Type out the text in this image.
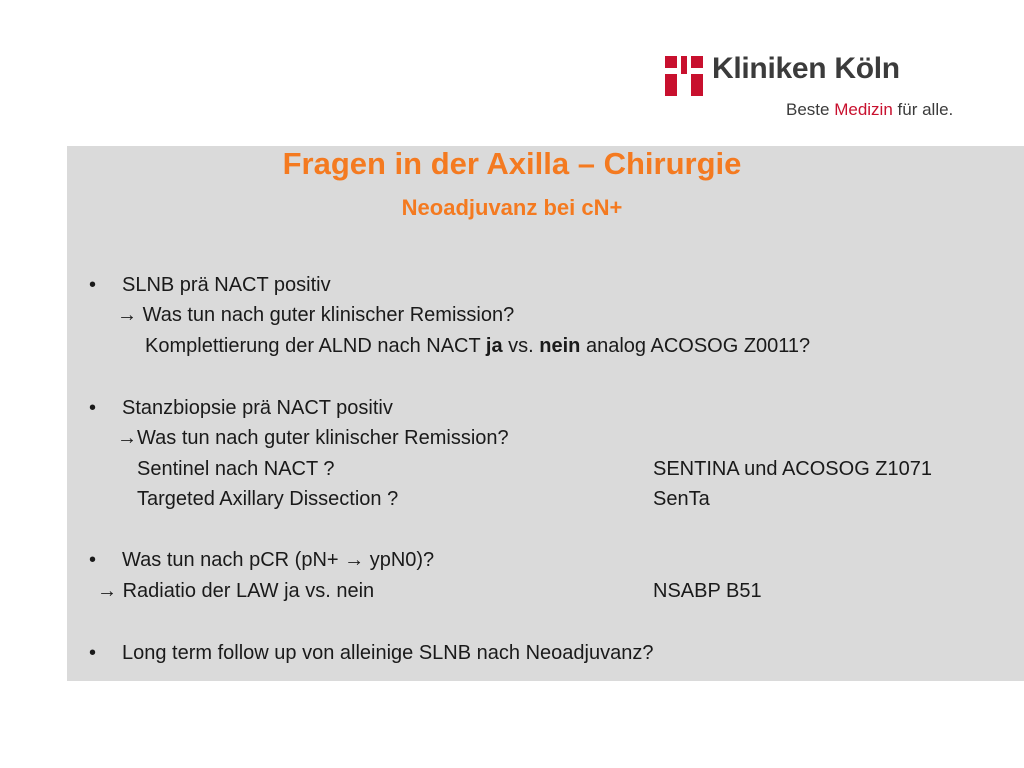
Kliniken Köln
Beste Medizin für alle.
Fragen in der Axilla – Chirurgie
Neoadjuvanz bei cN+
• SLNB prä NACT positiv
→ Was tun nach guter klinischer Remission?
Komplettierung der ALND nach NACT ja vs. nein analog ACOSOG Z0011?
• Stanzbiopsie prä NACT positiv
→Was tun nach guter klinischer Remission?
Sentinel nach NACT ?	SENTINA und ACOSOG Z1071
Targeted Axillary Dissection ?	SenTa
• Was tun nach pCR (pN+ → ypN0)?
→ Radiatio der LAW ja vs. nein	NSABP B51
• Long term follow up von alleinige SLNB nach Neoadjuvanz?
